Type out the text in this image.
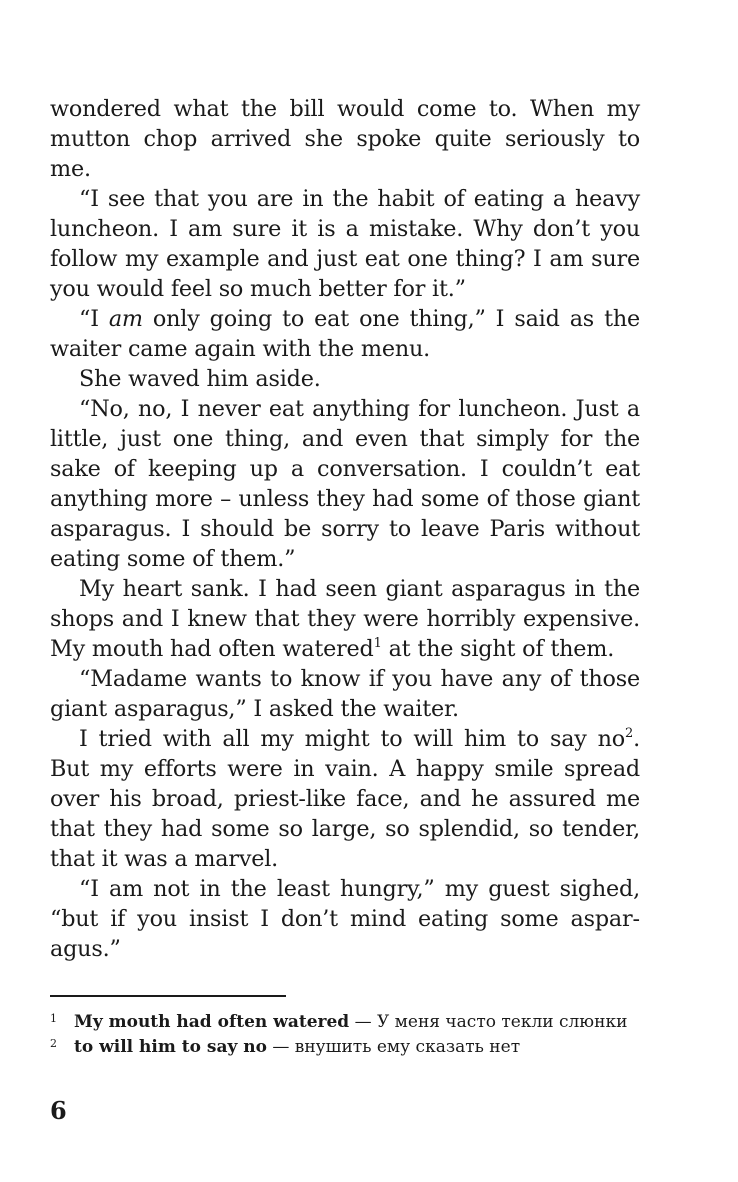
wondered what the bill would come to. When my mutton chop arrived she spoke quite seriously to me.

“I see that you are in the habit of eating a heavy luncheon. I am sure it is a mistake. Why don’t you follow my example and just eat one thing? I am sure you would feel so much better for it.”

“I am only going to eat one thing,” I said as the waiter came again with the menu.

She waved him aside.

“No, no, I never eat anything for luncheon. Just a little, just one thing, and even that simply for the sake of keeping up a conversation. I couldn’t eat anything more – unless they had some of those giant asparagus. I should be sorry to leave Paris without eating some of them.”

My heart sank. I had seen giant asparagus in the shops and I knew that they were horribly expensive. My mouth had often watered$^1$ at the sight of them.

“Madame wants to know if you have any of those giant asparagus,” I asked the waiter.

I tried with all my might to will him to say $no^2$. But my efforts were in vain. A happy smile spread over his broad, priest-like face, and he assured me that they had some so large, so splendid, so tender, that it was a marvel.

“I am not in the least hungry,” my guest sighed, “but if you insist I don’t mind eating some asparagus.”

1 My mouth had often watered — У меня часто текли слюнки
2 to will him to say no — внушить ему сказать нет
6
